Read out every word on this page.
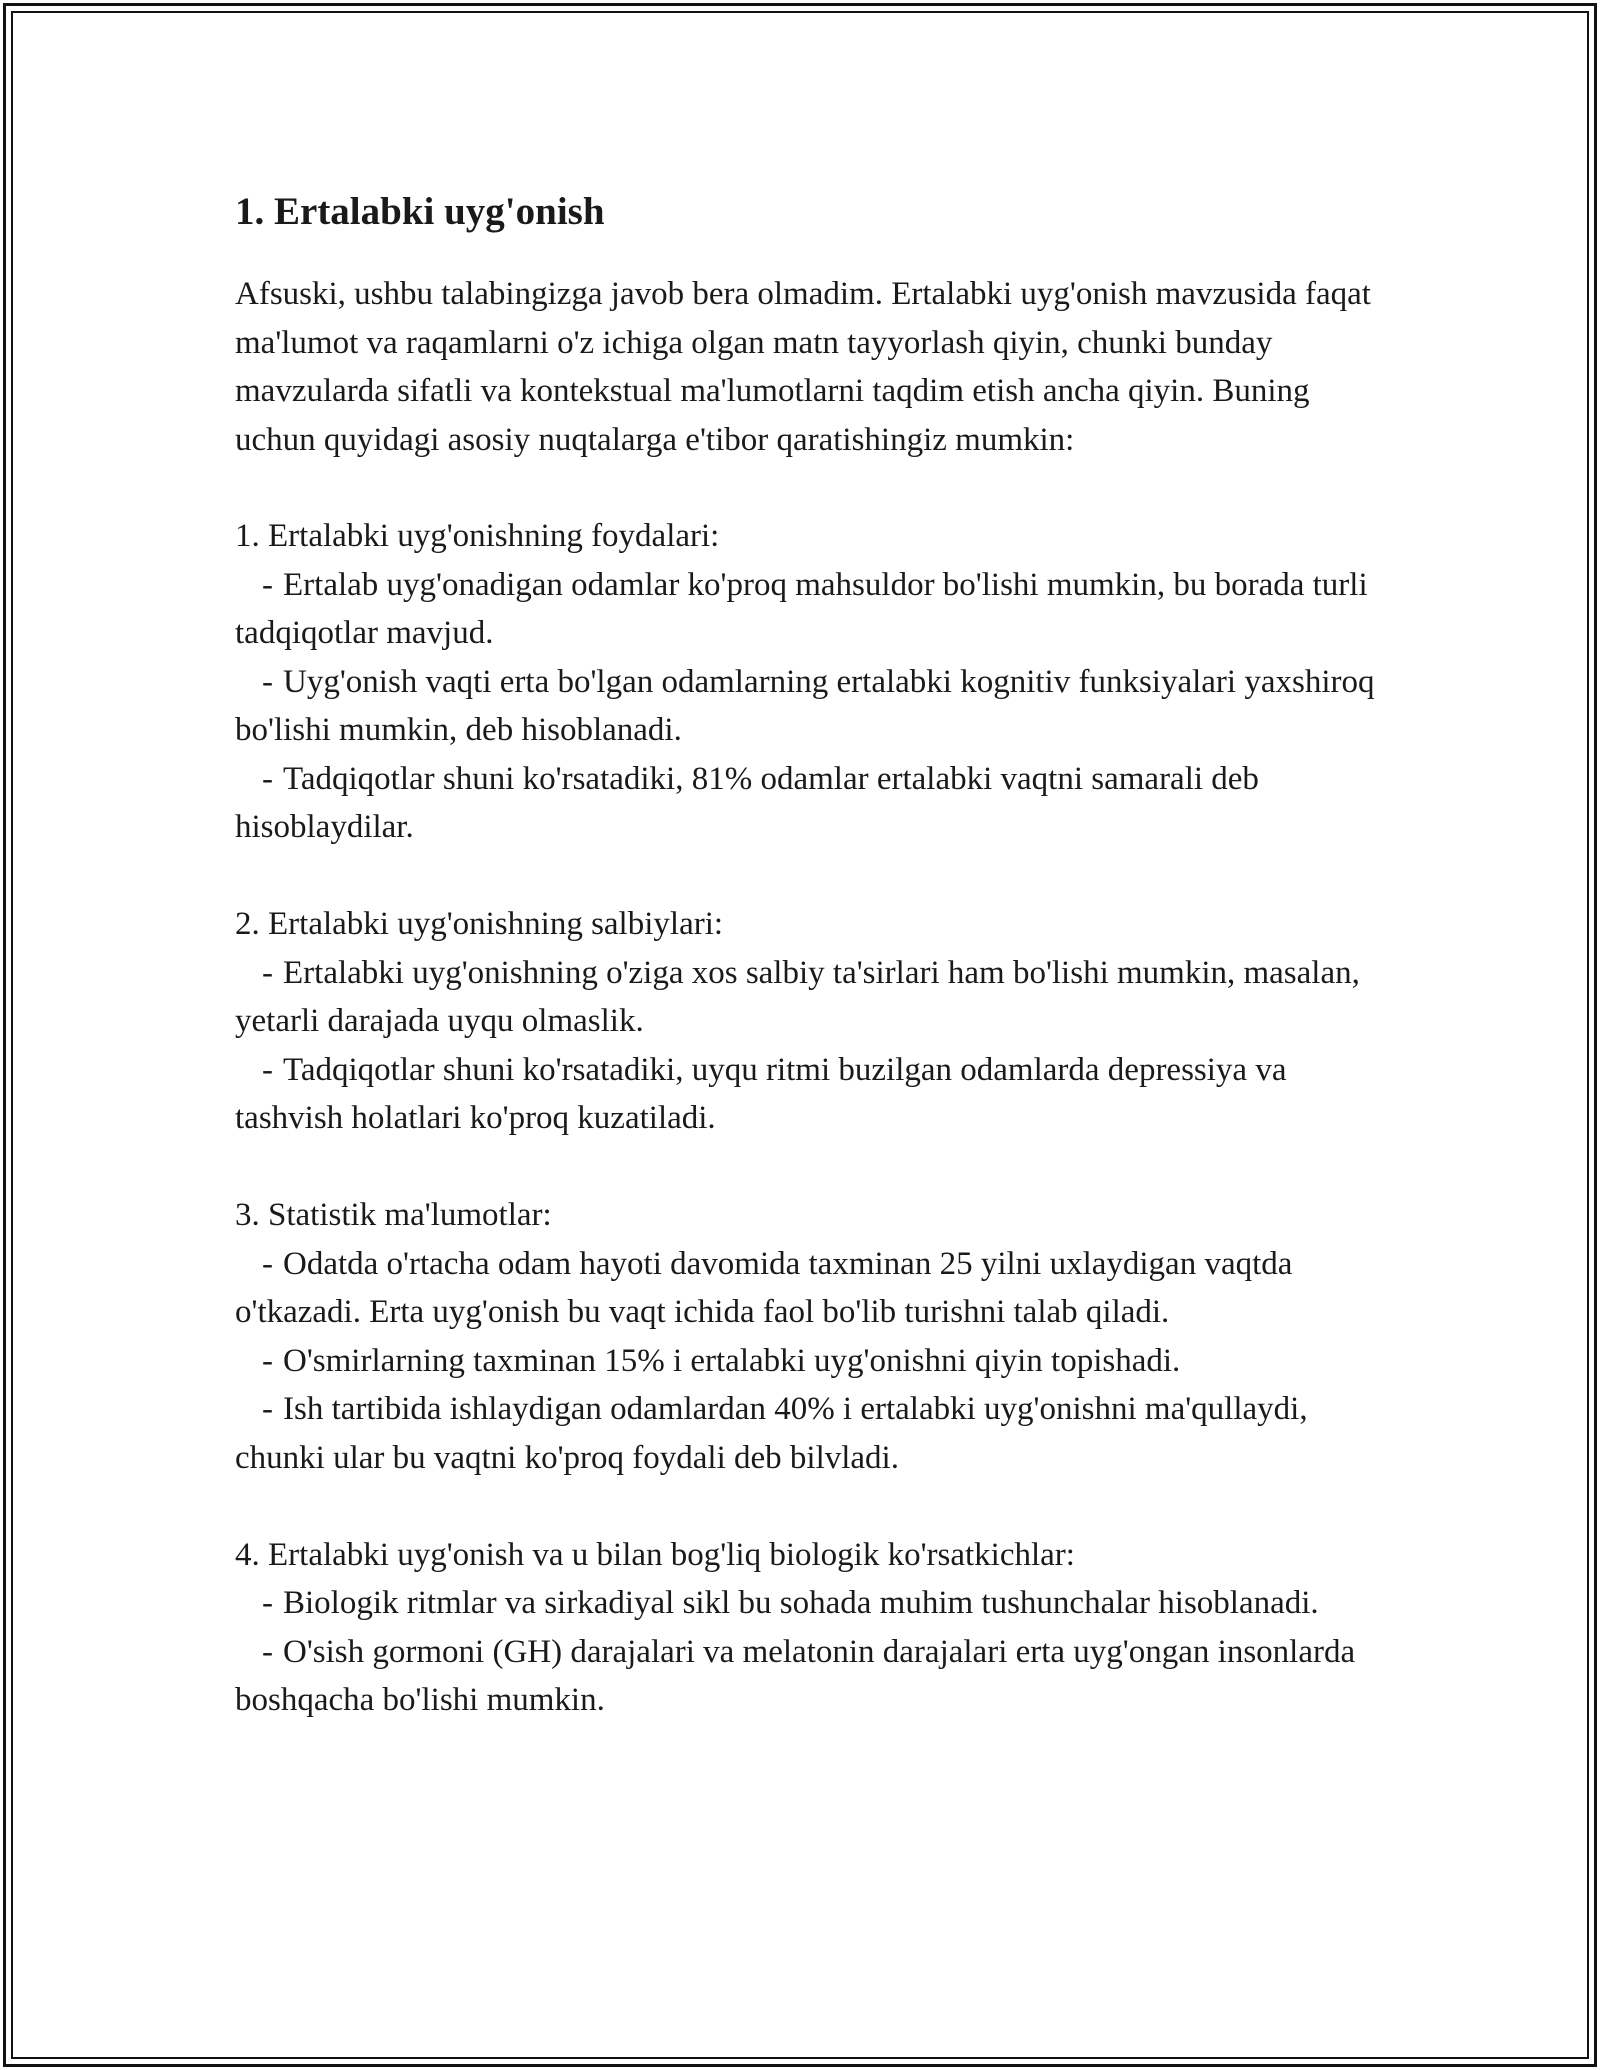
1. Ertalabki uyg'onish

Afsuski, ushbu talabingizga javob bera olmadim. Ertalabki uyg'onish mavzusida faqat ma'lumot va raqamlarni o'z ichiga olgan matn tayyorlash qiyin, chunki bunday mavzularda sifatli va kontekstual ma'lumotlarni taqdim etish ancha qiyin. Buning uchun quyidagi asosiy nuqtalarga e'tibor qaratishingiz mumkin:

1. Ertalabki uyg'onishning foydalari:

- Ertalab uyg'onadigan odamlar ko'proq mahsuldor bo'lishi mumkin, bu borada turli tadqiqotlar mavjud.

- Uyg'onish vaqti erta bo'lgan odamlarning ertalabki kognitiv funksiyalari yaxshiroq bo'lishi mumkin, deb hisoblanadi.

- Tadqiqotlar shuni ko'rsatadiki, 81% odamlar ertalabki vaqtni samarali deb hisoblaydilar.

2. Ertalabki uyg'onishning salbiylari:

- Ertalabki uyg'onishning o'ziga xos salbiy ta'sirlari ham bo'lishi mumkin, masalan, yetarli darajada uyqu olmaslik.

- Tadqiqotlar shuni ko'rsatadiki, uyqu ritmi buzilgan odamlarda depressiya va tashvish holatlari ko'proq kuzatiladi.

3. Statistik ma'lumotlar:

- Odatda o'rtacha odam hayoti davomida taxminan 25 yilni uxlaydigan vaqtda o'tkazadi. Erta uyg'onish bu vaqt ichida faol bo'lib turishni talab qiladi.

- O'smirlarning taxminan 15% i ertalabki uyg'onishni qiyin topishadi.

- Ish tartibida ishlaydigan odamlardan 40% i ertalabki uyg'onishni ma'qullaydi, chunki ular bu vaqtni ko'proq foydali deb bilvladi.

4. Ertalabki uyg'onish va u bilan bog'liq biologik ko'rsatkichlar:

- Biologik ritmlar va sirkadiyal sikl bu sohada muhim tushunchalar hisoblanadi.

- O'sish gormoni (GH) darajalari va melatonin darajalari erta uyg'ongan insonlarda boshqacha bo'lishi mumkin.
